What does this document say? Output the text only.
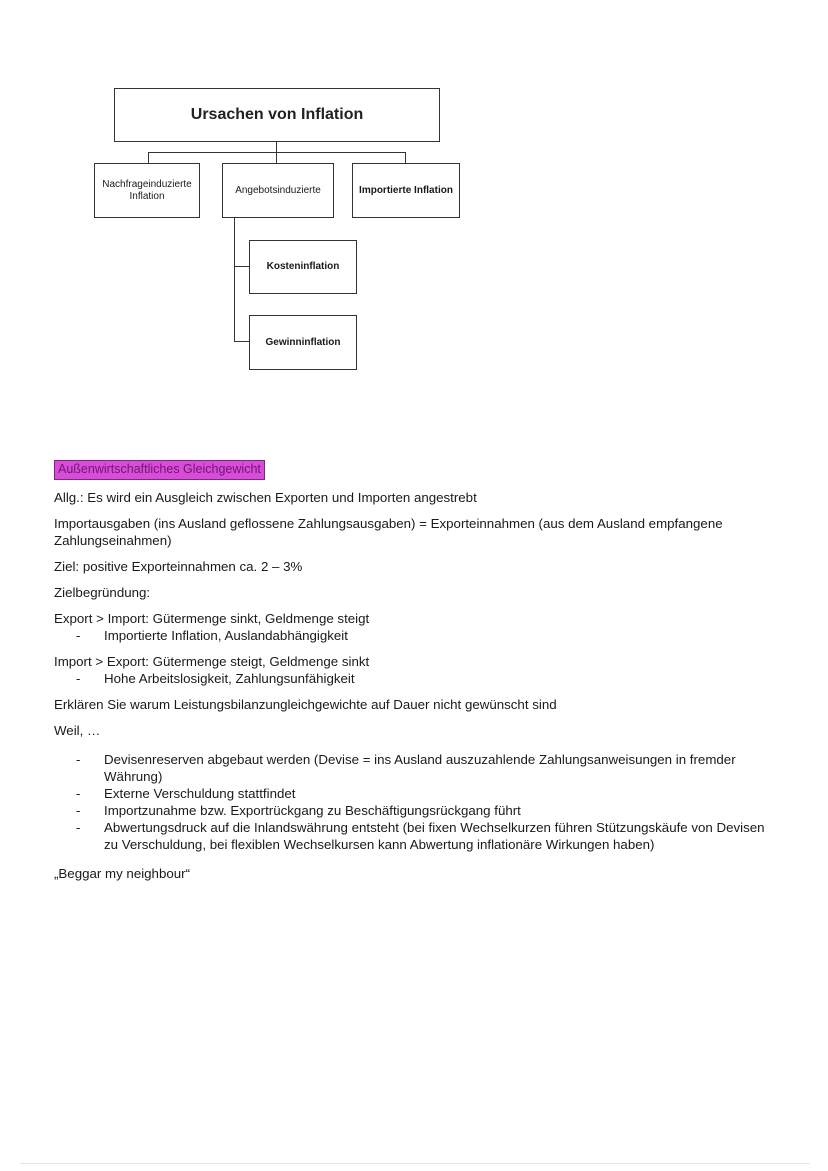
Ursachen von Inflation
Nachfrageinduzierte Inflation
Angebotsinduzierte	Importierte Inflation
Kosteninflation
Gewinninflation
Außenwirtschaftliches Gleichgewicht

Allg.: Es wird ein Ausgleich zwischen Exporten und Importen angestrebt

Importausgaben (ins Ausland geflossene Zahlungsausgaben) = Exporteinnahmen (aus dem Ausland empfangene Zahlungseinahmen)

Ziel: positive Exporteinnahmen ca. 2 – 3%

Zielbegründung:

Export > Import: Gütermenge sinkt, Geldmenge steigt

- Importierte Inflation, Auslandabhängigkeit

Import > Export: Gütermenge steigt, Geldmenge sinkt

- Hohe Arbeitslosigkeit, Zahlungsunfähigkeit

Erklären Sie warum Leistungsbilanzungleichgewichte auf Dauer nicht gewünscht sind

Weil, …

- Devisenreserven abgebaut werden (Devise = ins Ausland auszuzahlende Zahlungsanweisungen in fremder Währung)
- Externe Verschuldung stattfindet
- Importzunahme bzw. Exportrückgang zu Beschäftigungsrückgang führt
- Abwertungsdruck auf die Inlandswährung entsteht (bei fixen Wechselkurzen führen Stützungskäufe von Devisen zu Verschuldung, bei flexiblen Wechselkursen kann Abwertung inflationäre Wirkungen haben)

„Beggar my neighbour“
